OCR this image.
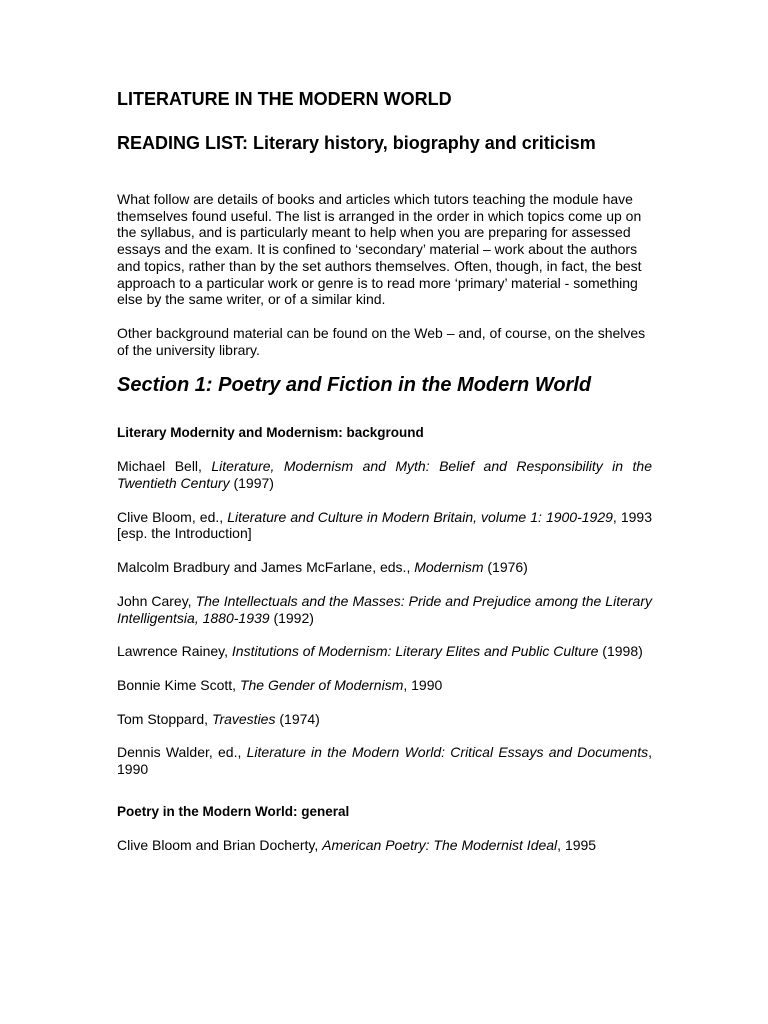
LITERATURE IN THE MODERN WORLD
READING LIST: Literary history, biography and criticism

What follow are details of books and articles which tutors teaching the module have themselves found useful. The list is arranged in the order in which topics come up on the syllabus, and is particularly meant to help when you are preparing for assessed essays and the exam. It is confined to ‘secondary’ material – work about the authors and topics, rather than by the set authors themselves. Often, though, in fact, the best approach to a particular work or genre is to read more ‘primary’ material - something else by the same writer, or of a similar kind.

Other background material can be found on the Web – and, of course, on the shelves of the university library.

Section 1: Poetry and Fiction in the Modern World
Literary Modernity and Modernism: background

Michael Bell, Literature, Modernism and Myth: Belief and Responsibility in the Twentieth Century (1997)

Clive Bloom, ed., Literature and Culture in Modern Britain, volume 1: 1900-1929, 1993 [esp. the Introduction]

Malcolm Bradbury and James McFarlane, eds., Modernism (1976)

John Carey, The Intellectuals and the Masses: Pride and Prejudice among the Literary Intelligentsia, 1880-1939 (1992)

Lawrence Rainey, Institutions of Modernism: Literary Elites and Public Culture (1998)

Bonnie Kime Scott, The Gender of Modernism, 1990

Tom Stoppard, Travesties (1974)

Dennis Walder, ed., Literature in the Modern World: Critical Essays and Documents, 1990

Poetry in the Modern World: general

Clive Bloom and Brian Docherty, American Poetry: The Modernist Ideal, 1995
